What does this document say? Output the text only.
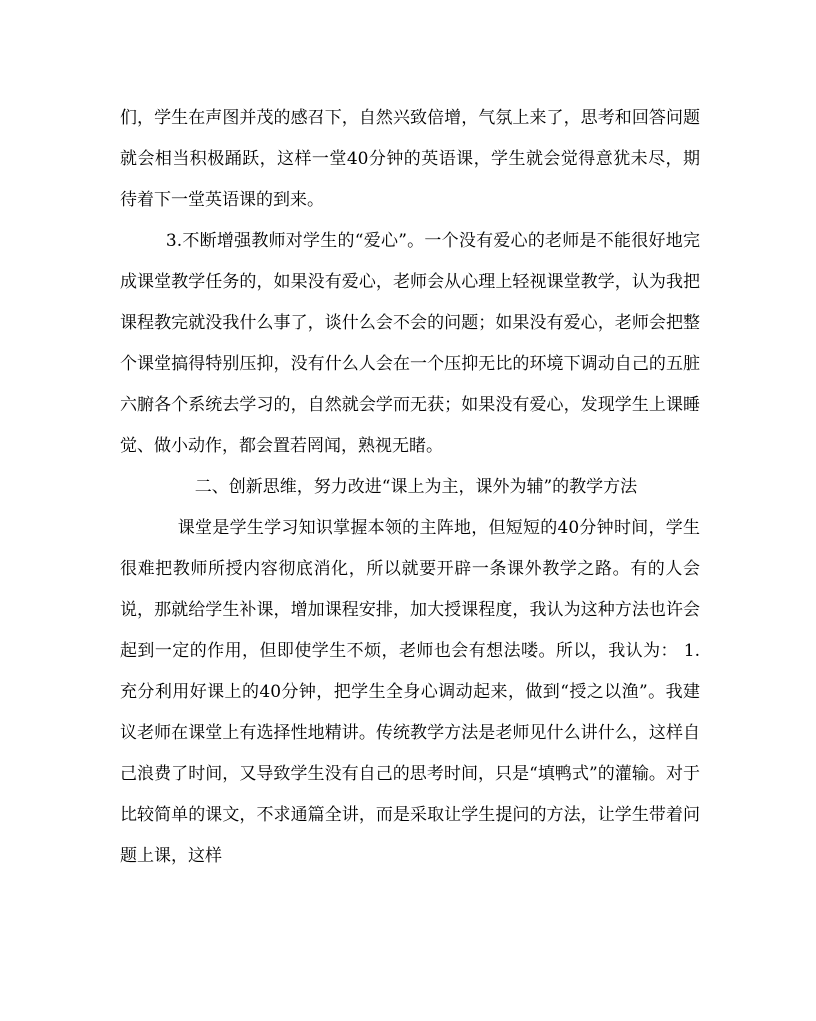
们，学生在声图并茂的感召下，自然兴致倍增，气氛上来了，思考和回答问题就会相当积极踊跃，这样一堂40分钟的英语课，学生就会觉得意犹未尽，期待着下一堂英语课的到来。

3.不断增强教师对学生的“爱心”。一个没有爱心的老师是不能很好地完成课堂教学任务的，如果没有爱心，老师会从心理上轻视课堂教学，认为我把课程教完就没我什么事了，谈什么会不会的问题；如果没有爱心，老师会把整个课堂搞得特别压抑，没有什么人会在一个压抑无比的环境下调动自己的五脏六腑各个系统去学习的，自然就会学而无获；如果没有爱心，发现学生上课睡觉、做小动作，都会置若罔闻，熟视无睹。

二、创新思维，努力改进“课上为主，课外为辅”的教学方法

课堂是学生学习知识掌握本领的主阵地，但短短的40分钟时间，学生很难把教师所授内容彻底消化，所以就要开辟一条课外教学之路。有的人会说，那就给学生补课，增加课程安排，加大授课程度，我认为这种方法也许会起到一定的作用，但即使学生不烦，老师也会有想法喽。所以，我认为： 1.充分利用好课上的40分钟，把学生全身心调动起来，做到“授之以渔”。我建议老师在课堂上有选择性地精讲。传统教学方法是老师见什么讲什么，这样自己浪费了时间，又导致学生没有自己的思考时间，只是“填鸭式”的灌输。对于比较简单的课文，不求通篇全讲，而是采取让学生提问的方法，让学生带着问题上课，这样
